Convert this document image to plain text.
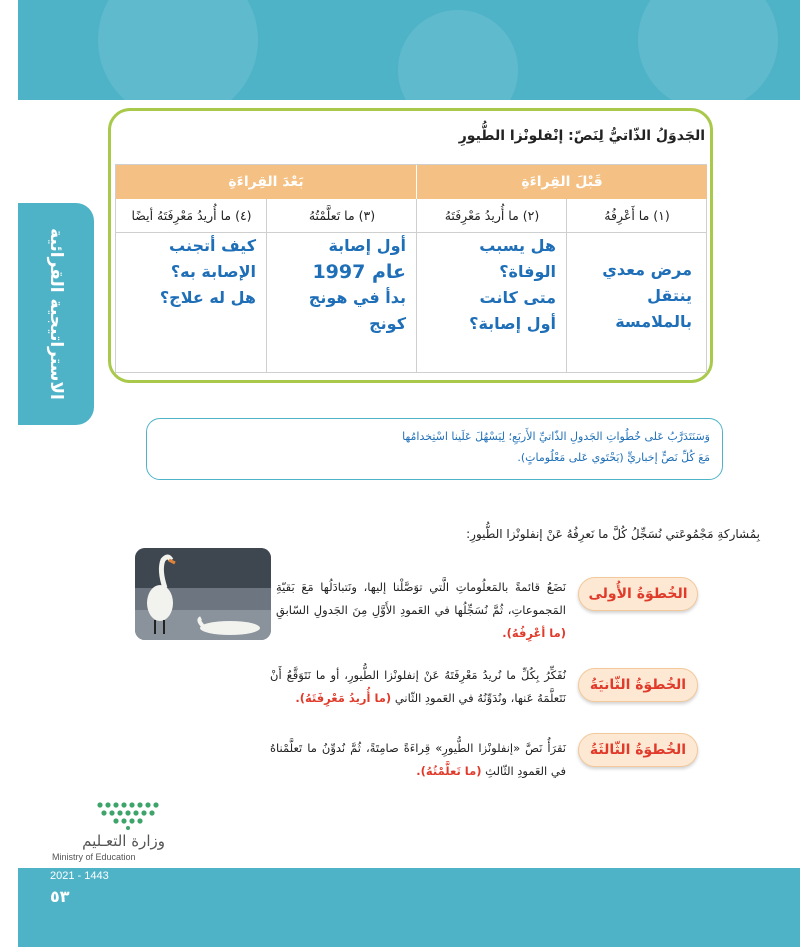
الاستراتيجية القرائية
الجَدوَلُ الذّاتيُّ لِنَصّ: إنْفلونْزا الطُّيورِ
قَبْلَ القِراءَةِ
بَعْدَ القِراءَةِ
(١) ما أَعْرِفُهُ
(٢) ما أُريدُ مَعْرِفَتَهُ
(٣) ما تَعلَّمْتُهُ
(٤) ما أُريدُ مَعْرِفَتَهُ أيضًا
مرض معدي
ينتقل بالملامسة
هل يسبب
الوفاة؟
متى كانت
أول إصابة؟
أول إصابة
عام 1997
بدأ في هونج
كونج
كيف أتجنب
الإصابة به؟
هل له علاج؟
وَسَنَتَدَرَّبُ عَلى خُطُواتِ الجَدولِ الذّاتيِّ الأَربَعِ؛ لِيَسْهُلَ عَلَينا اسْتِخدامُها
مَعَ كُلِّ نَصٍّ إخباريٍّ (يَحْتَوي عَلى مَعْلُوماتٍ).
بِمُشاركةِ مَجْمُوعَتي نُسَجِّلُ كُلَّ ما نَعرِفُهُ عَنْ إنفلونْزا الطُّيورِ:
الخُطوَةُ الأُولى
نَضَعُ قائمةً بالمَعلُوماتِ الَّتي توَصَّلْنا إليها، ونَتبادَلُها مَعَ بَقيّةِ المَجموعاتِ، ثُمَّ نُسَجِّلُها في العَمودِ الأَوَّلِ مِنَ الجَدولِ السّابقِ (ما أعْرِفُهُ).
الخُطوَةُ الثّانيَةُ
نُفَكِّرُ بِكُلِّ ما نُريدُ مَعْرِفَتَهُ عَنْ إنفلونْزا الطُّيورِ، أو ما نَتَوَقَّعُ أَنْ نَتَعلَّمَهُ عَنها، ونُدَوِّنُهُ في العَمودِ الثّاني (ما أُريدُ مَعْرِفَتَهُ).
الخُطوَةُ الثّالثَةُ
نَقرَأُ نَصَّ «إنفلونْزا الطُّيورِ» قِراءَةً صامِتَةً، ثُمَّ نُدوِّنُ ما تَعلَّمْناهُ في العَمودِ الثّالثِ (ما تَعلَّمْتُهُ).
وزارة التعـليم
Ministry of Education
2021 - 1443
٥٣
